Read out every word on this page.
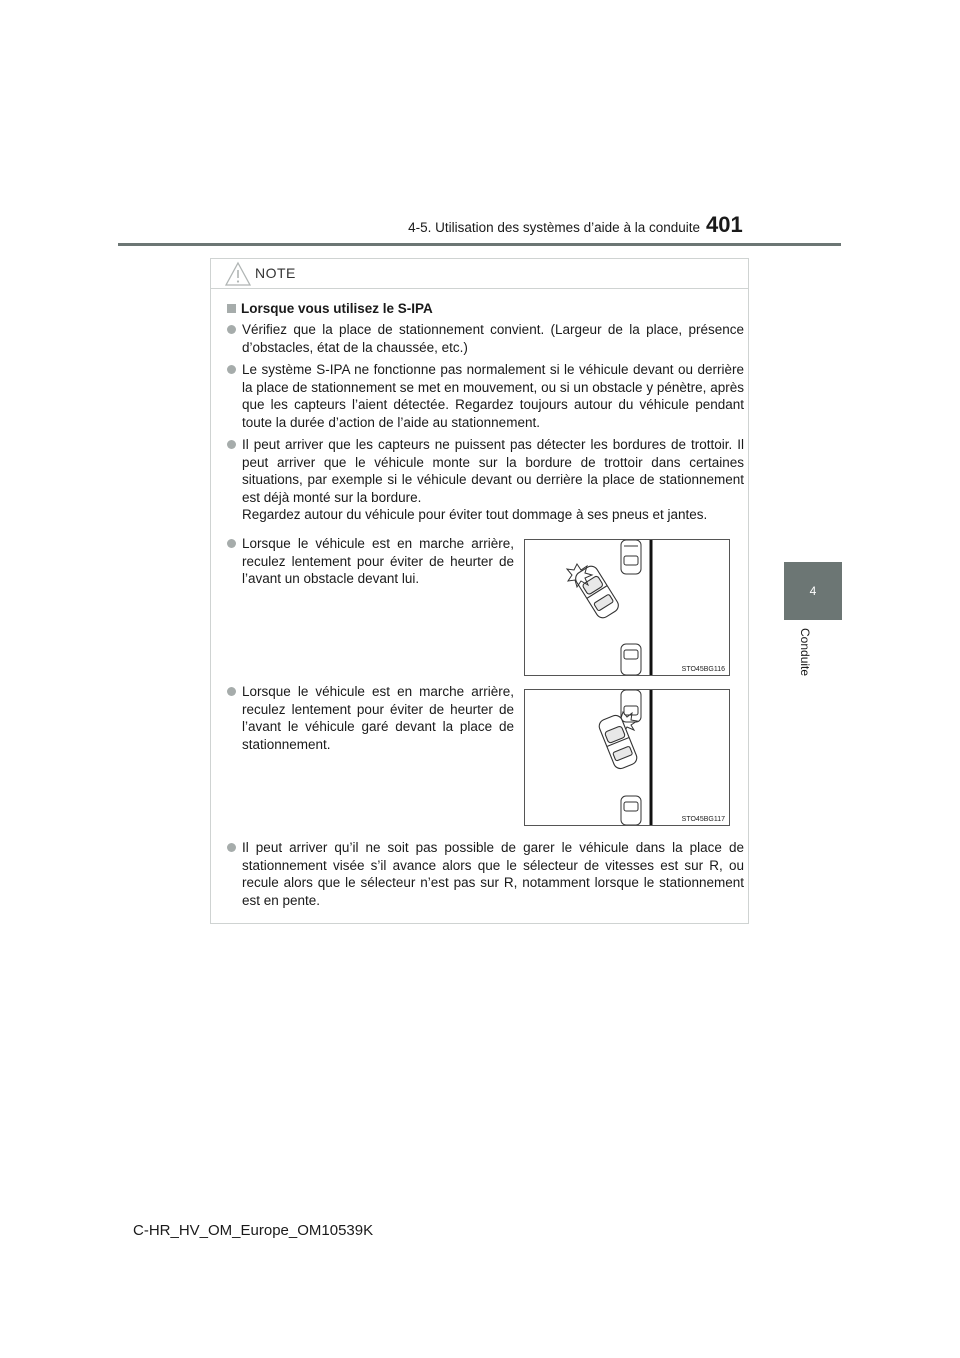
4-5. Utilisation des systèmes d’aide à la conduite 401
4
Conduite
NOTE
Lorsque vous utilisez le S-IPA
Vérifiez que la place de stationnement convient. (Largeur de la place, présence d’obstacles, état de la chaussée, etc.)
Le système S-IPA ne fonctionne pas normalement si le véhicule devant ou derrière la place de stationnement se met en mouvement, ou si un obstacle y pénètre, après que les capteurs l’aient détectée. Regardez toujours autour du véhicule pendant toute la durée d’action de l’aide au stationnement.
Il peut arriver que les capteurs ne puissent pas détecter les bordures de trottoir. Il peut arriver que le véhicule monte sur la bordure de trottoir dans certaines situations, par exemple si le véhicule devant ou derrière la place de stationnement est déjà monté sur la bordure.
Regardez autour du véhicule pour éviter tout dommage à ses pneus et jantes.
Lorsque le véhicule est en marche arrière, reculez lentement pour éviter de heurter de l’avant un obstacle devant lui.
STO45BG116
Lorsque le véhicule est en marche arrière, reculez lentement pour éviter de heurter de l’avant le véhicule garé devant la place de stationnement.
STO45BG117
Il peut arriver qu’il ne soit pas possible de garer le véhicule dans la place de stationnement visée s’il avance alors que le sélecteur de vitesses est sur R, ou recule alors que le sélecteur n’est pas sur R, notamment lorsque le stationnement est en pente.
C-HR_HV_OM_Europe_OM10539K
